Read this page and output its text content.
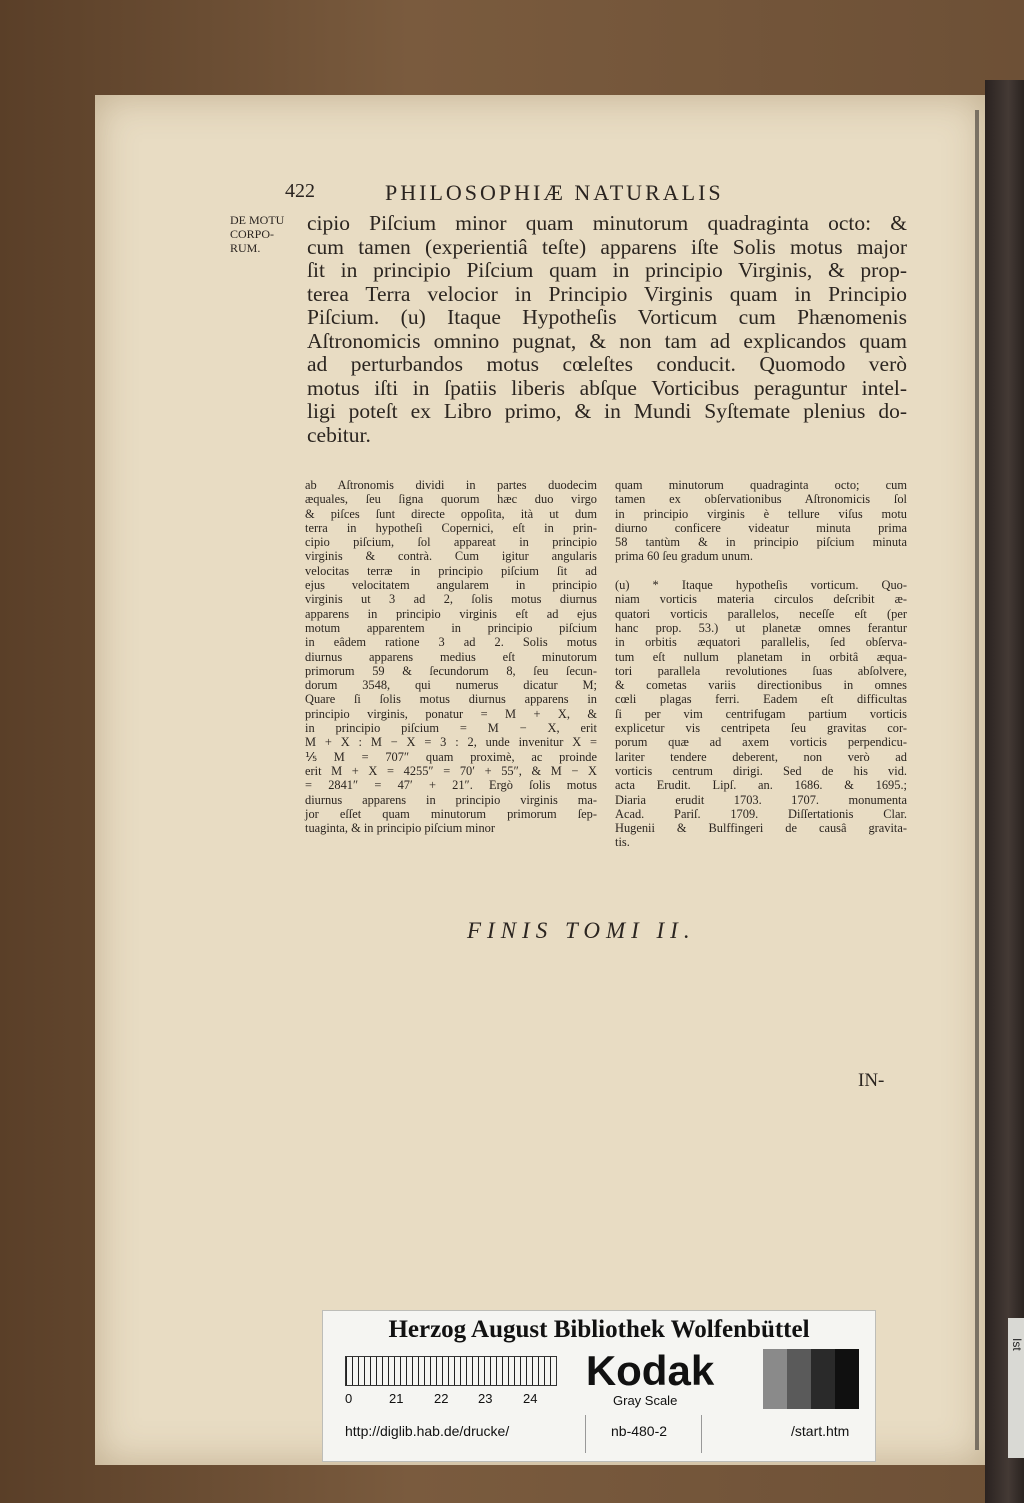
422	PHILOSOPHIÆ NATURALIS
DE MOTU
CORPO-
RUM.
cipio Piſcium minor quam minutorum quadraginta octo: &
cum tamen (experientiâ teſte) apparens iſte Solis motus major
ſit in principio Piſcium quam in principio Virginis, & prop-
terea Terra velocior in Principio Virginis quam in Principio
Piſcium. (u) Itaque Hypotheſis Vorticum cum Phænomenis
Aſtronomicis omnino pugnat, & non tam ad explicandos quam
ad perturbandos motus cœleſtes conducit. Quomodo verò
motus iſti in ſpatiis liberis abſque Vorticibus peraguntur intel-
ligi poteſt ex Libro primo, & in Mundi Syſtemate plenius do-
cebitur.
ab Aſtronomis dividi in partes duodecim
æquales, ſeu ſigna quorum hæc duo virgo
& piſces ſunt directe oppoſita, ità ut dum
terra in hypotheſi Copernici, eſt in prin-
cipio piſcium, ſol appareat in principio
virginis & contrà. Cum igitur angularis
velocitas terræ in principio piſcium ſit ad
ejus velocitatem angularem in principio
virginis ut 3 ad 2, ſolis motus diurnus
apparens in principio virginis eſt ad ejus
motum apparentem in principio piſcium
in eâdem ratione 3 ad 2. Solis motus
diurnus apparens medius eſt minutorum
primorum 59 & ſecundorum 8, ſeu ſecun-
dorum 3548, qui numerus dicatur M;
Quare ſi ſolis motus diurnus apparens in
principio virginis, ponatur = M + X, &
in principio piſcium = M − X, erit
M + X : M − X = 3 : 2, unde invenitur X =
⅕ M = 707″ quam proximè, ac proinde
erit M + X = 4255″ = 70′ + 55″, & M − X
= 2841″ = 47′ + 21″. Ergò ſolis motus
diurnus apparens in principio virginis ma-
jor eſſet quam minutorum primorum ſep-
tuaginta, & in principio piſcium minor
quam minutorum quadraginta octo; cum
tamen ex obſervationibus Aſtronomicis ſol
in principio virginis è tellure viſus motu
diurno conficere videatur minuta prima
58 tantùm & in principio piſcium minuta
prima 60 ſeu gradum unum.

(u) * Itaque hypotheſis vorticum. Quo-
niam vorticis materia circulos deſcribit æ-
quatori vorticis parallelos, neceſſe eſt (per
hanc prop. 53.) ut planetæ omnes ferantur
in orbitis æquatori parallelis, ſed obſerva-
tum eſt nullum planetam in orbitâ æqua-
tori parallela revolutiones ſuas abſolvere,
& cometas variis directionibus in omnes
cœli plagas ferri. Eadem eſt difficultas
ſi per vim centrifugam partium vorticis
explicetur vis centripeta ſeu gravitas cor-
porum quæ ad axem vorticis perpendicu-
lariter tendere deberent, non verò ad
vorticis centrum dirigi. Sed de his vid.
acta Erudit. Lipſ. an. 1686. & 1695.;
Diaria erudit 1703. 1707. monumenta
Acad. Pariſ. 1709. Diſſertationis Clar.
Hugenii & Bulffingeri de causâ gravita-
tis.
FINIS TOMI II.
IN-
Herzog August Bibliothek Wolfenbüttel
0	21 22 23 24
Kodak
Gray Scale
http://diglib.hab.de/drucke/	nb-480-2	/start.htm
Ist
